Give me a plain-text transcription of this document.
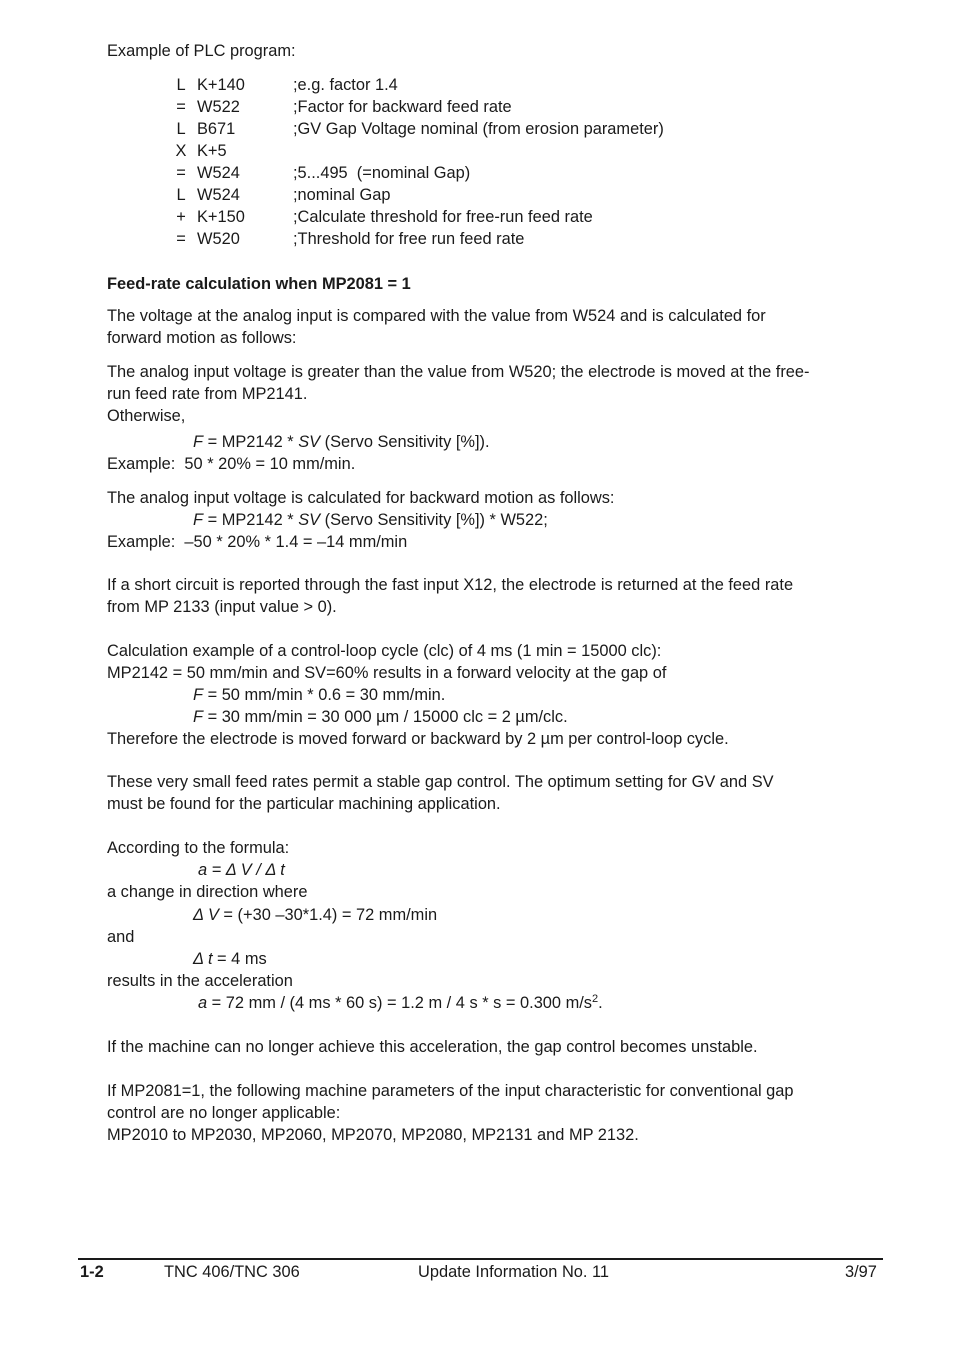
Example of PLC program:
L K+140	;e.g. factor 1.4
= W522	;Factor for backward feed rate
L B671	;GV Gap Voltage nominal (from erosion parameter)
X K+5
= W524	;5...495  (=nominal Gap)
L W524	;nominal Gap
+ K+150	;Calculate threshold for free-run feed rate
= W520	;Threshold for free run feed rate
Feed-rate calculation when MP2081 = 1
The voltage at the analog input is compared with the value from W524 and is calculated for
forward motion as follows:
The analog input voltage is greater than the value from W520; the electrode is moved at the free-
run feed rate from MP2141.
Otherwise,
F = MP2142 * SV (Servo Sensitivity [%]).
Example:  50 * 20% = 10 mm/min.
The analog input voltage is calculated for backward motion as follows:
F = MP2142 * SV (Servo Sensitivity [%]) * W522;
Example:  –50 * 20% * 1.4 = –14 mm/min
If a short circuit is reported through the fast input X12, the electrode is returned at the feed rate
from MP 2133 (input value > 0).
Calculation example of a control-loop cycle (clc) of 4 ms (1 min = 15000 clc):
MP2142 = 50 mm/min and SV=60% results in a forward velocity at the gap of
F = 50 mm/min * 0.6 = 30 mm/min.
F = 30 mm/min = 30 000 µm / 15000 clc = 2 µm/clc.
Therefore the electrode is moved forward or backward by 2 µm per control-loop cycle.
These very small feed rates permit a stable gap control. The optimum setting for GV and SV
must be found for the particular machining application.
According to the formula:
a = Δ V / Δ t
a change in direction where
Δ V = (+30 –30*1.4) = 72 mm/min
and
Δ t = 4 ms
results in the acceleration
a = 72 mm / (4 ms * 60 s) = 1.2 m / 4 s * s = 0.300 $m/s^2$.
If the machine can no longer achieve this acceleration, the gap control becomes unstable.
If MP2081=1, the following machine parameters of the input characteristic for conventional gap
control are no longer applicable:
MP2010 to MP2030, MP2060, MP2070, MP2080, MP2131 and MP 2132.
1-2	TNC 406/TNC 306	Update Information No. 11	3/97
